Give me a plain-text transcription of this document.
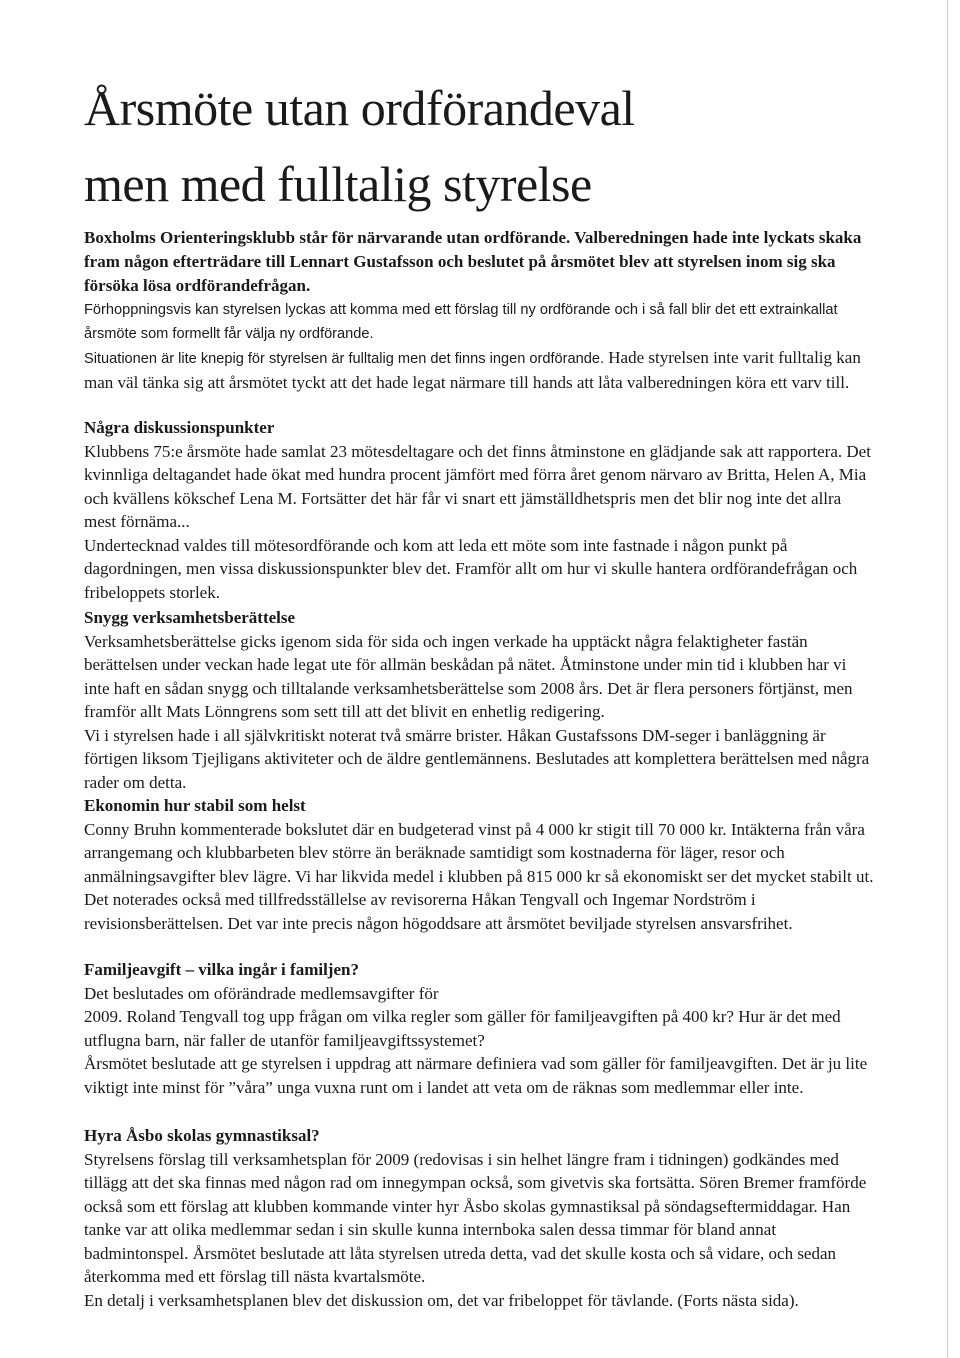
Årsmöte utan ordförandeval
men med fulltalig styrelse

Boxholms Orienteringsklubb står för närvarande utan ordförande. Valberedningen hade inte lyckats skaka fram någon efterträdare till Lennart Gustafsson och beslutet på årsmötet blev att styrelsen inom sig ska försöka lösa ordförandefrågan.

Förhoppningsvis kan styrelsen lyckas att komma med ett förslag till ny ordförande och i så fall blir det ett extrainkallat årsmöte som formellt får välja ny ordförande.
Situationen är lite knepig för styrelsen är fulltalig men det finns ingen ordförande. Hade styrelsen inte varit fulltalig kan man väl tänka sig att årsmötet tyckt att det hade legat närmare till hands att låta valberedningen köra ett varv till.
Några diskussionspunkter
Klubbens 75:e årsmöte hade samlat 23 mötesdeltagare och det finns åtminstone en glädjande sak att rapportera. Det kvinnliga deltagandet hade ökat med hundra procent jämfört med förra året genom närvaro av Britta, Helen A, Mia och kvällens kökschef Lena M. Fortsätter det här får vi snart ett jämställdhetspris men det blir nog inte det allra mest förnäma...
Undertecknad valdes till mötesordförande och kom att leda ett möte som inte fastnade i någon punkt på dagordningen, men vissa diskussionspunkter blev det. Framför allt om hur vi skulle hantera ordförandefrågan och fribeloppets storlek.
Snygg verksamhetsberättelse
Verksamhetsberättelse gicks igenom sida för sida och ingen verkade ha upptäckt några felaktigheter fastän berättelsen under veckan hade legat ute för allmän beskådan på nätet. Åtminstone under min tid i klubben har vi inte haft en sådan snygg och tilltalande verksamhetsberättelse som 2008 års. Det är flera personers förtjänst, men framför allt Mats Lönngrens som sett till att det blivit en enhetlig redigering.
Vi i styrelsen hade i all självkritiskt noterat två smärre brister. Håkan Gustafssons DM-seger i banläggning är förtigen liksom Tjejligans aktiviteter och de äldre gentlemännens. Beslutades att komplettera berättelsen med några rader om detta.
Ekonomin hur stabil som helst
Conny Bruhn kommenterade bokslutet där en budgeterad vinst på 4 000 kr stigit till 70 000 kr. Intäkterna från våra arrangemang och klubbarbeten blev större än beräknade samtidigt som kostnaderna för läger, resor och anmälningsavgifter blev lägre. Vi har likvida medel i klubben på 815 000 kr så ekonomiskt ser det mycket stabilt ut.
Det noterades också med tillfredsställelse av revisorerna Håkan Tengvall och Ingemar Nordström i revisionsberättelsen. Det var inte precis någon högoddsare att årsmötet beviljade styrelsen ansvarsfrihet.
Familjeavgift – vilka ingår i familjen?
Det beslutades om oförändrade medlemsavgifter för
2009. Roland Tengvall tog upp frågan om vilka regler som gäller för familjeavgiften på 400 kr? Hur är det med utflugna barn, när faller de utanför familjeavgiftssystemet?
Årsmötet beslutade att ge styrelsen i uppdrag att närmare definiera vad som gäller för familjeavgiften. Det är ju lite viktigt inte minst för ”våra” unga vuxna runt om i landet att veta om de räknas som medlemmar eller inte.
Hyra Åsbo skolas gymnastiksal?
Styrelsens förslag till verksamhetsplan för 2009 (redovisas i sin helhet längre fram i tidningen) godkändes med tillägg att det ska finnas med någon rad om innegympan också, som givetvis ska fortsätta. Sören Bremer framförde också som ett förslag att klubben kommande vinter hyr Åsbo skolas gymnastiksal på söndagseftermiddagar. Han tanke var att olika medlemmar sedan i sin skulle kunna internboka salen dessa timmar för bland annat badmintonspel. Årsmötet beslutade att låta styrelsen utreda detta, vad det skulle kosta och så vidare, och sedan återkomma med ett förslag till nästa kvartalsmöte.
En detalj i verksamhetsplanen blev det diskussion om, det var fribeloppet för tävlande. (Forts nästa sida).
